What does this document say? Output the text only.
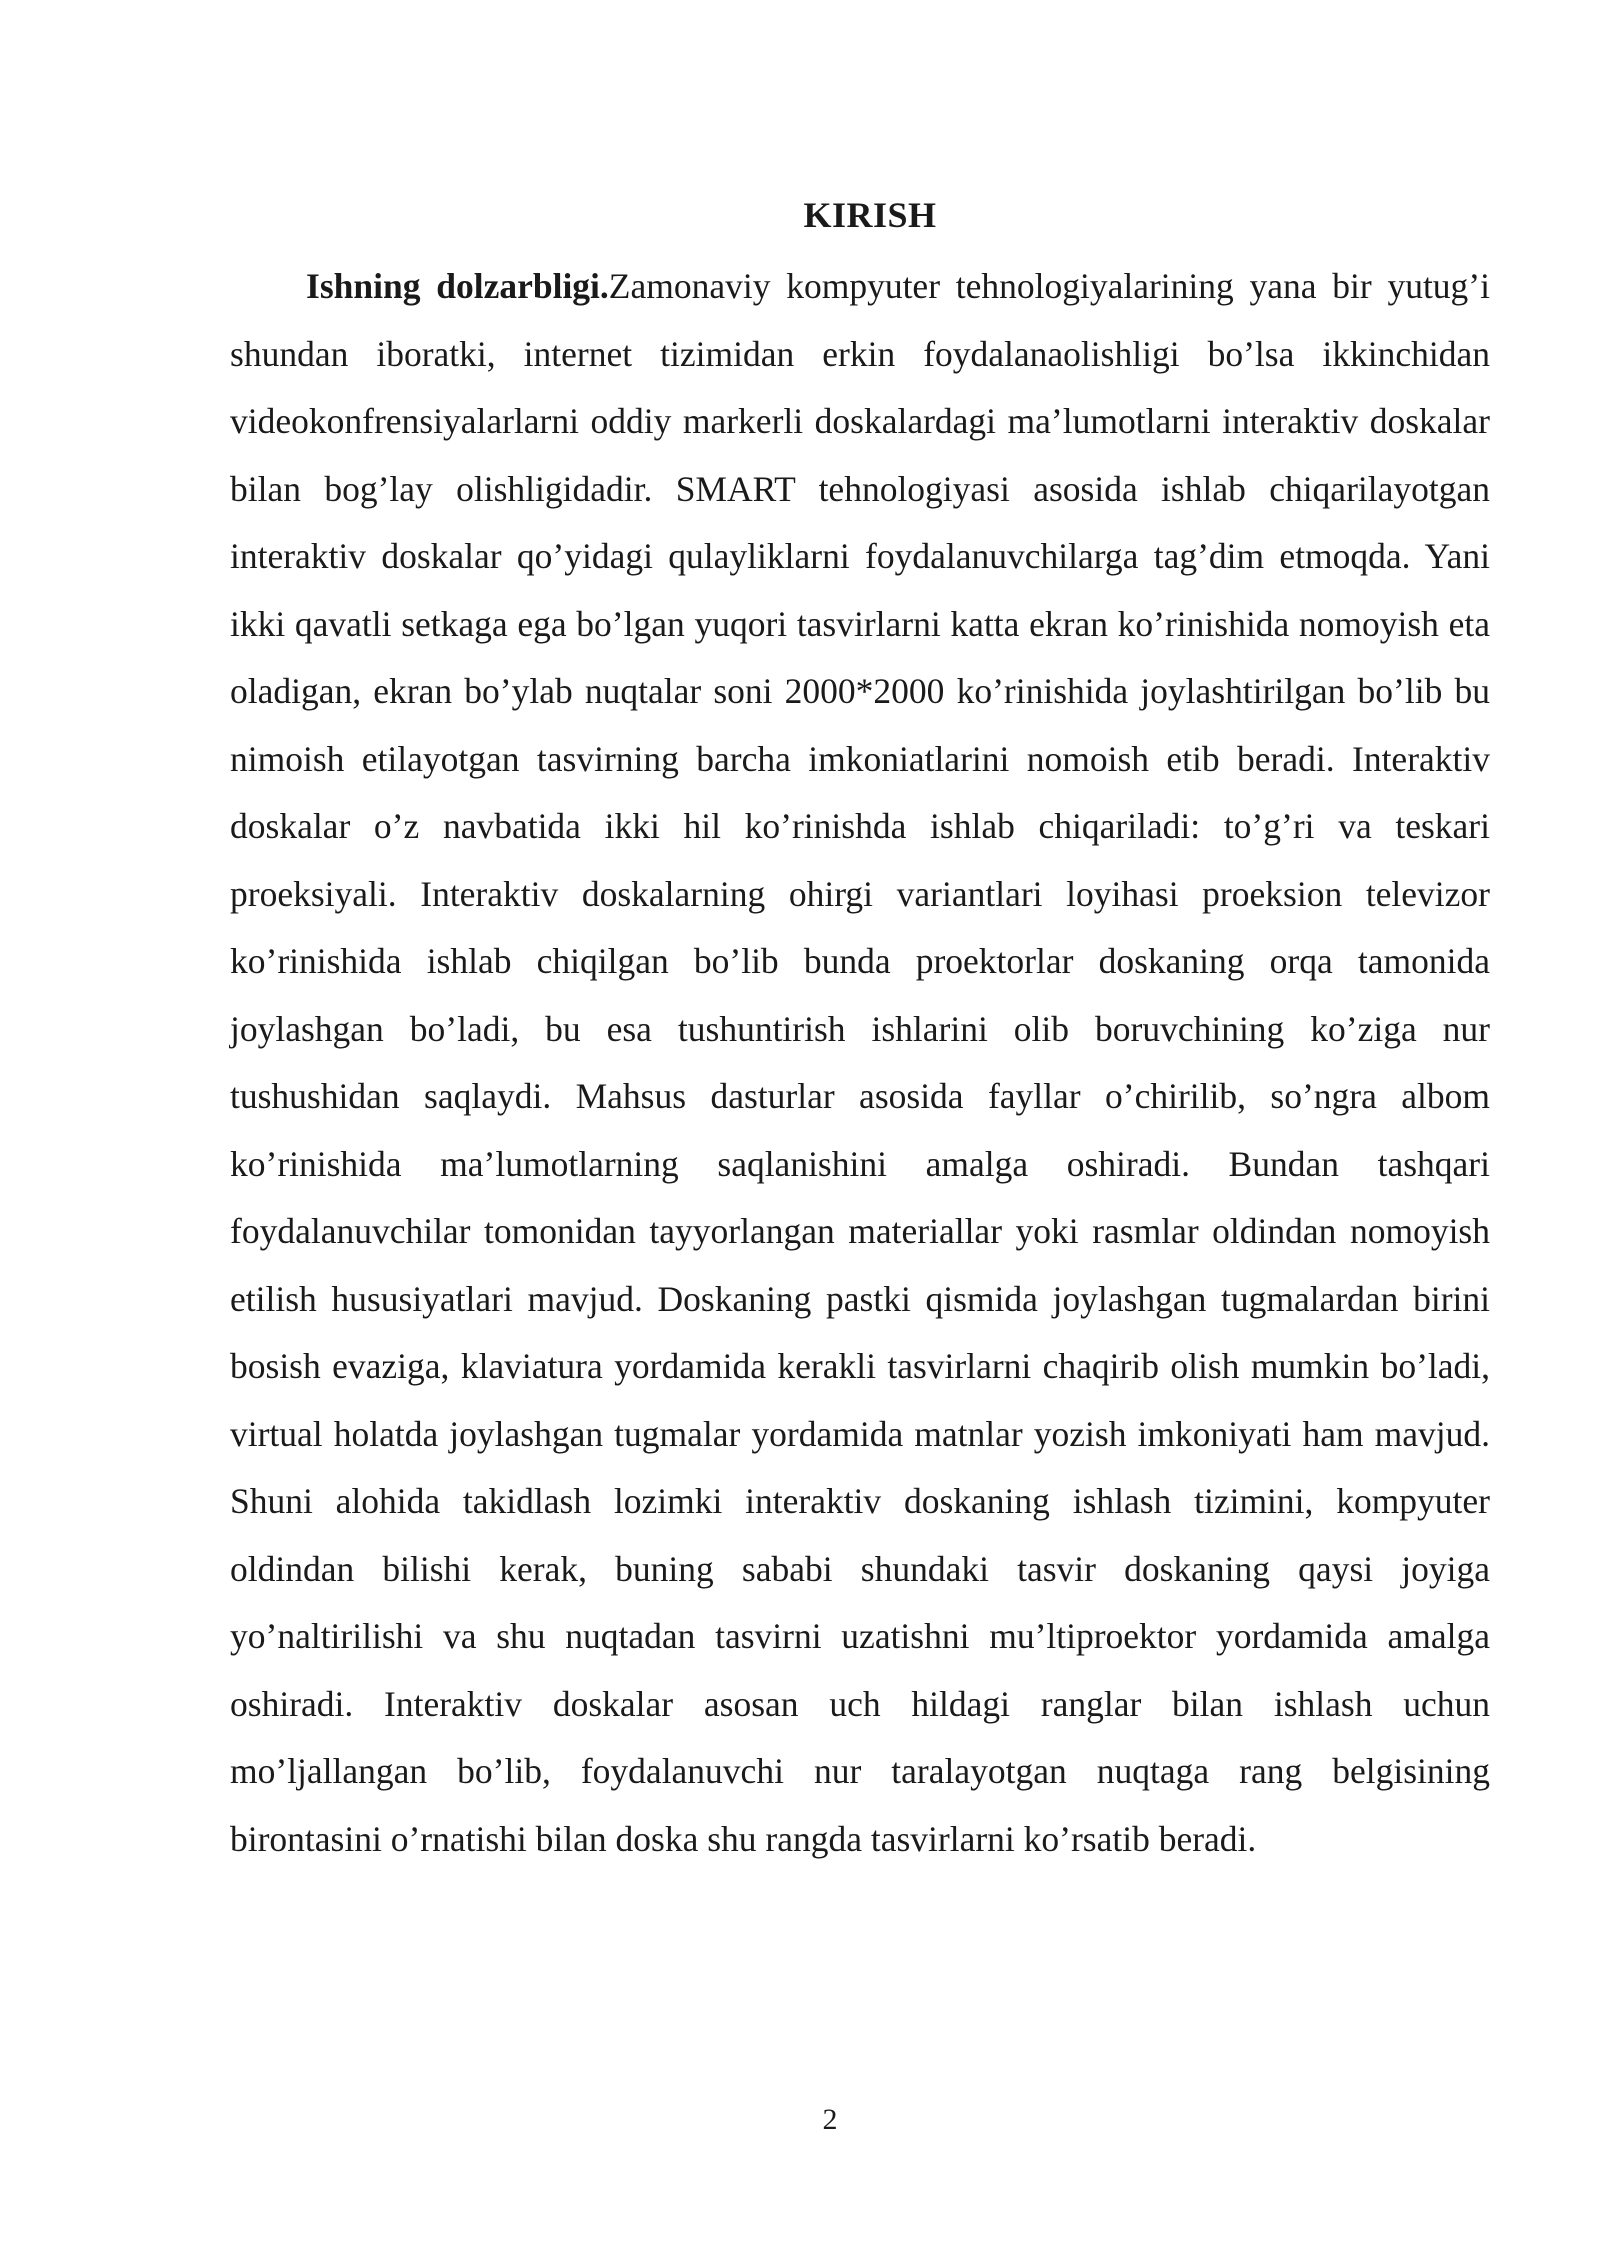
KIRISH

Ishning dolzarbligi.Zamonaviy kompyuter tehnologiyalarining yana bir yutug’i shundan iboratki, internet tizimidan erkin foydalanaolishligi bo’lsa ikkinchidan videokonfrensiyalarlarni oddiy markerli doskalardagi ma’lumotlarni interaktiv doskalar bilan bog’lay olishligidadir. SMART tehnologiyasi asosida ishlab chiqarilayotgan interaktiv doskalar qo’yidagi qulayliklarni foydalanuvchilarga tag’dim etmoqda. Yani ikki qavatli setkaga ega bo’lgan yuqori tasvirlarni katta ekran ko’rinishida nomoyish eta oladigan, ekran bo’ylab nuqtalar soni 2000*2000 ko’rinishida joylashtirilgan bo’lib bu nimoish etilayotgan tasvirning barcha imkoniatlarini nomoish etib beradi. Interaktiv doskalar o’z navbatida ikki hil ko’rinishda ishlab chiqariladi: to’g’ri va teskari proeksiyali. Interaktiv doskalarning ohirgi variantlari loyihasi proeksion televizor ko’rinishida ishlab chiqilgan bo’lib bunda proektorlar doskaning orqa tamonida joylashgan bo’ladi, bu esa tushuntirish ishlarini olib boruvchining ko’ziga nur tushushidan saqlaydi. Mahsus dasturlar asosida fayllar o’chirilib, so’ngra albom ko’rinishida ma’lumotlarning saqlanishini amalga oshiradi. Bundan tashqari foydalanuvchilar tomonidan tayyorlangan materiallar yoki rasmlar oldindan nomoyish etilish hususiyatlari mavjud. Doskaning pastki qismida joylashgan tugmalardan birini bosish evaziga, klaviatura yordamida kerakli tasvirlarni chaqirib olish mumkin bo’ladi, virtual holatda joylashgan tugmalar yordamida matnlar yozish imkoniyati ham mavjud. Shuni alohida takidlash lozimki interaktiv doskaning ishlash tizimini, kompyuter oldindan bilishi kerak, buning sababi shundaki tasvir doskaning qaysi joyiga yo’naltirilishi va shu nuqtadan tasvirni uzatishni mu’ltiproektor yordamida amalga oshiradi. Interaktiv doskalar asosan uch hildagi ranglar bilan ishlash uchun mo’ljallangan bo’lib, foydalanuvchi nur taralayotgan nuqtaga rang belgisining birontasini o’rnatishi bilan doska shu rangda tasvirlarni ko’rsatib beradi.

2
